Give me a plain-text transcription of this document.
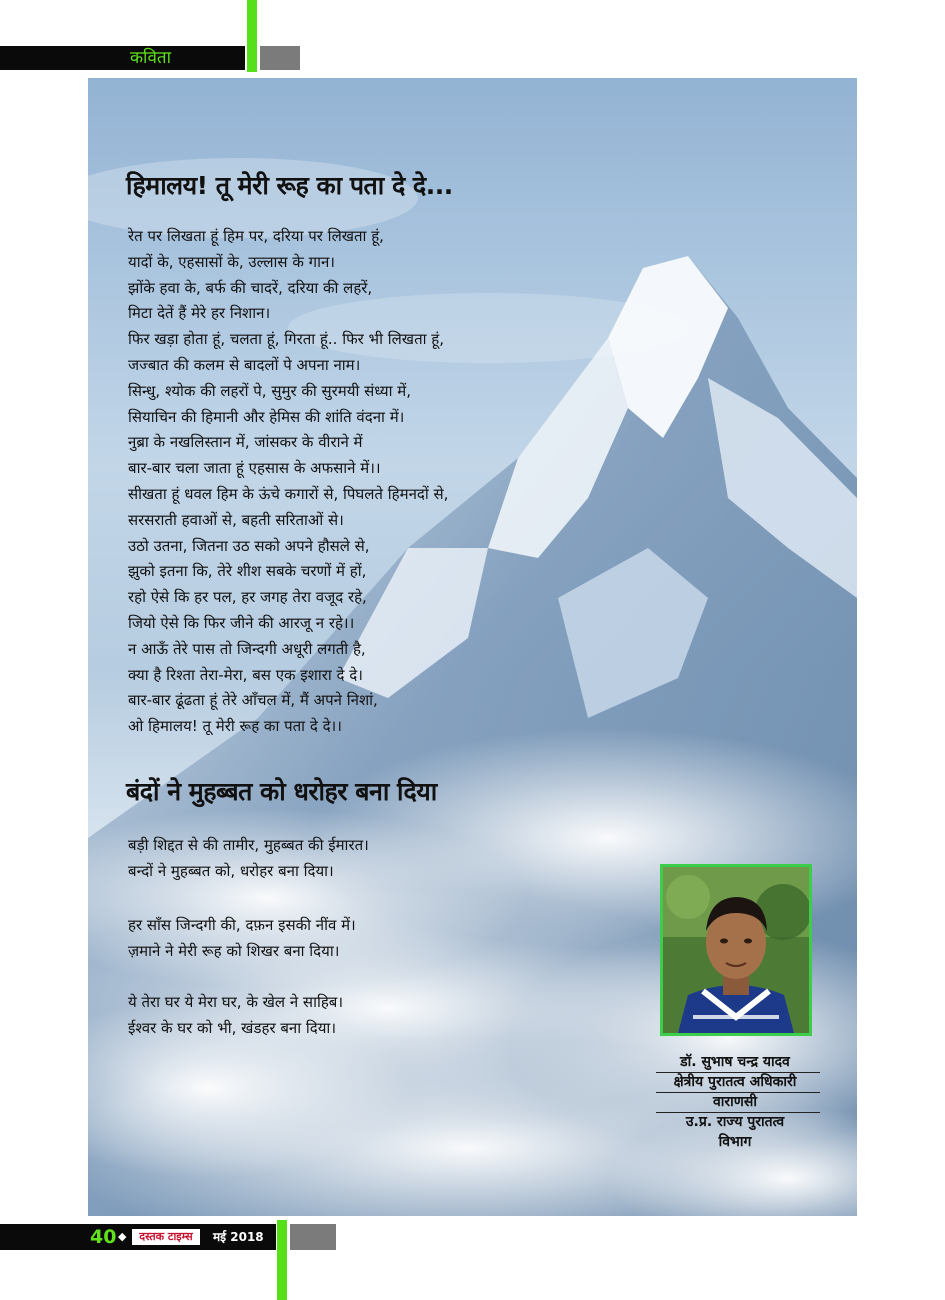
कविता
हिमालय! तू मेरी रूह का पता दे दे...
रेत पर लिखता हूं हिम पर, दरिया पर लिखता हूं,
यादों के, एहसासों के, उल्लास के गान।
झोंके हवा के, बर्फ की चादरें, दरिया की लहरें,
मिटा देतें हैं मेरे हर निशान।
फिर खड़ा होता हूं, चलता हूं, गिरता हूं.. फिर भी लिखता हूं,
जज्बात की कलम से बादलों पे अपना नाम।
सिन्धु, श्योक की लहरों पे, सुमुर की सुरमयी संध्या में,
सियाचिन की हिमानी और हेमिस की शांति वंदना में।
नुब्रा के नखलिस्तान में, जांसकर के वीराने में
बार-बार चला जाता हूं एहसास के अफसाने में।।
सीखता हूं धवल हिम के ऊंचे कगारों से, पिघलते हिमनदों से,
सरसराती हवाओं से, बहती सरिताओं से।
उठो उतना, जितना उठ सको अपने हौसले से,
झुको इतना कि, तेरे शीश सबके चरणों में हों,
रहो ऐसे कि हर पल, हर जगह तेरा वजूद रहे,
जियो ऐसे कि फिर जीने की आरजू न रहे।।
न आऊँ तेरे पास तो जिन्दगी अधूरी लगती है,
क्या है रिश्ता तेरा-मेरा, बस एक इशारा दे दे।
बार-बार ढूंढता हूं तेरे आँचल में, मैं अपने निशां,
ओ हिमालय! तू मेरी रूह का पता दे दे।।
बंदों ने मुहब्बत को धरोहर बना दिया
बड़ी शिद्दत से की तामीर, मुहब्बत की ईमारत।
बन्दों ने मुहब्बत को, धरोहर बना दिया।
हर साँस जिन्दगी की, दफ़न इसकी नींव में।
ज़माने ने मेरी रूह को शिखर बना दिया।
ये तेरा घर ये मेरा घर, के खेल ने साहिब।
ईश्वर के घर को भी, खंडहर बना दिया।
डॉ. सुभाष चन्द्र यादव
क्षेत्रीय पुरातत्व अधिकारी
वाराणसी
उ.प्र. राज्य पुरातत्व
विभाग
40 ◆	दस्तक टाइम्स	मई 2018
